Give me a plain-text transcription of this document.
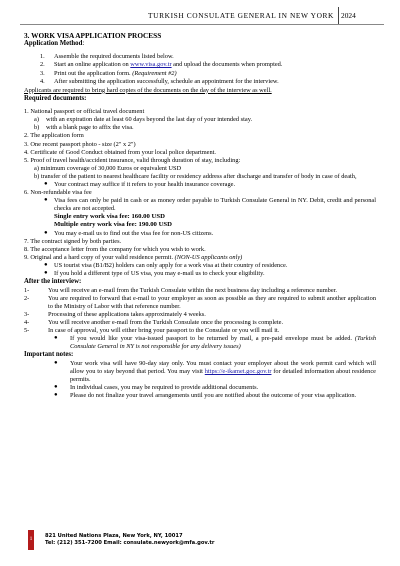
TURKISH CONSULATE GENERAL IN NEW YORK 2024
3. WORK VISA APPLICATION PROCESS
Application Method:
1. Assemble the required documents listed below.
2. Start an online application on www.visa.gov.tr and upload the documents when prompted.
3. Print out the application form. (Requirement #2)
4. After submitting the application successfully, schedule an appointment for the interview.
Applicants are required to bring hard copies of the documents on the day of the interview as well.
Required documents:
1. National passport or official travel document
a) with an expiration date at least 60 days beyond the last day of your intended stay.
b) with a blank page to affix the visa.
2. The application form
3. One recent passport photo - size (2" x 2")
4. Certificate of Good Conduct obtained from your local police department.
5. Proof of travel health/accident insurance, valid through duration of stay, including:
a) minimum coverage of 30,000 Euros or equivalent USD
b) transfer of the patient to nearest healthcare facility or residency address after discharge and transfer of body in case of death,
● Your contract may suffice if it refers to your health insurance coverage.
6. Non-refundable visa fee
● Visa fees can only be paid in cash or as money order payable to Turkish Consulate General in NY. Debit, credit and personal checks are not accepted.
Single entry work visa fee: 160.00 USD
Multiple entry work visa fee: 190.00 USD
● You may e-mail us to find out the visa fee for non-US citizens.
7. The contract signed by both parties.
8. The acceptance letter from the company for which you wish to work.
9. Original and a hard copy of your valid residence permit. (NON-US applicants only)
● US tourist visa (B1/B2) holders can only apply for a work visa at their country of residence.
● If you hold a different type of US visa, you may e-mail us to check your eligibility.
After the interview:
1-	You will receive an e-mail from the Turkish Consulate within the next business day including a reference number.
2-	You are required to forward that e-mail to your employer as soon as possible as they are required to submit another application to the Ministry of Labor with that reference number.
3-	Processing of these applications takes approximately 4 weeks.
4-	You will receive another e-mail from the Turkish Consulate once the processing is complete.
5-	In case of approval, you will either bring your passport to the Consulate or you will mail it.
● If you would like your visa-issued passport to be returned by mail, a pre-paid envelope must be added. (Turkish Consulate General in NY is not responsible for any delivery issues)
Important notes:
● Your work visa will have 90-day stay only. You must contact your employer about the work permit card which will allow you to stay beyond that period. You may visit https://e-ikamet.goc.gov.tr for detailed information about residence permits.
● In individual cases, you may be required to provide additional documents.
● Please do not finalize your travel arrangements until you are notified about the outcome of your visa application.
1	821 United Nations Plaza, New York, NY, 10017
Tel: (212) 351-7200 Email: consulate.newyork@mfa.gov.tr
